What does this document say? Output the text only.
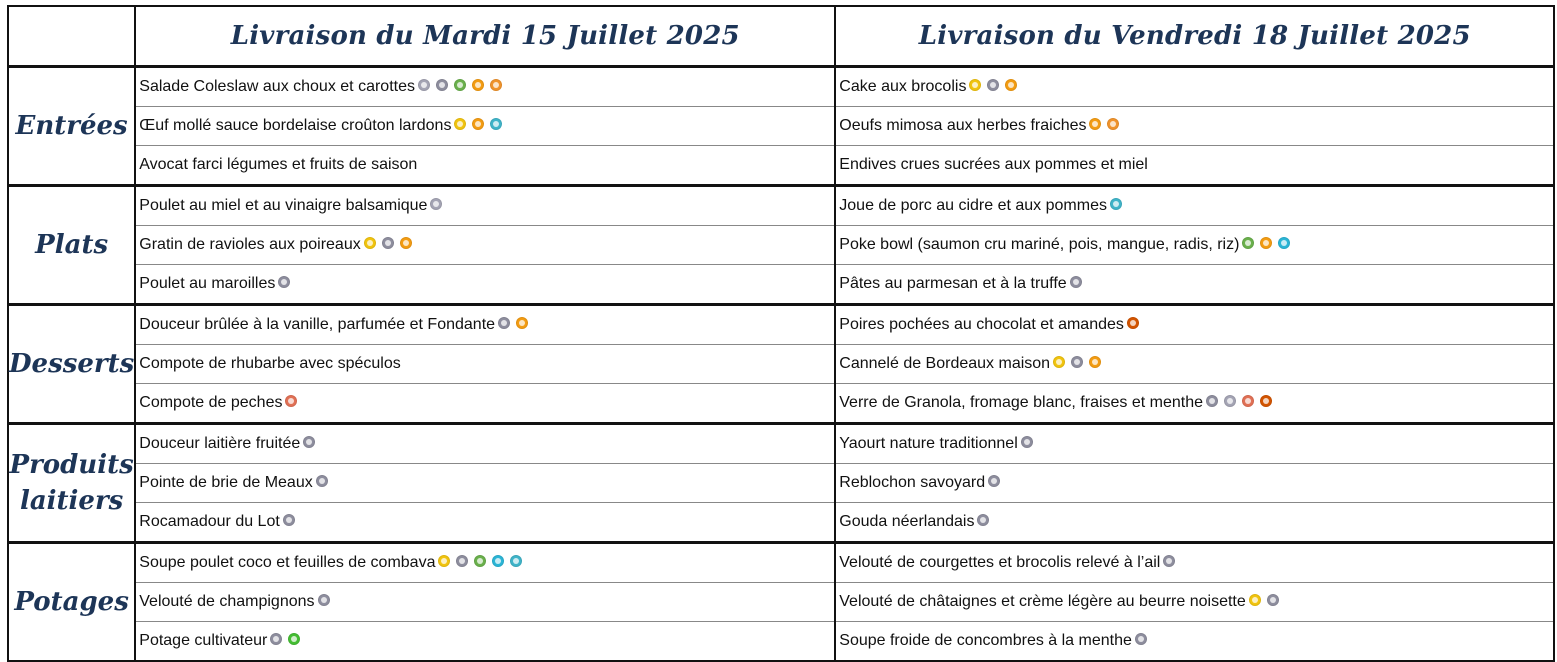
	Livraison du Mardi 15 Juillet 2025	Livraison du Vendredi 18 Juillet 2025
Entrées	Salade Coleslaw aux choux et carottes	Cake aux brocolis

	Œuf mollé sauce bordelaise croûton lardons	Oeufs mimosa aux herbes fraiches

	Avocat farci légumes et fruits de saison	Endives crues sucrées aux pommes et miel
Plats	Poulet au miel et au vinaigre balsamique	Joue de porc au cidre et aux pommes

	Gratin de ravioles aux poireaux	Poke bowl (saumon cru mariné, pois, mangue, radis, riz)

	Poulet au maroilles	Pâtes au parmesan et à la truffe

Desserts	Douceur brûlée à la vanille, parfumée et Fondante	Poires pochées au chocolat et amandes

	Compote de rhubarbe avec spéculos	Cannelé de Bordeaux maison

	Compote de peches	Verre de Granola, fromage blanc, fraises et menthe

Produits laitiers	Douceur laitière fruitée	Yaourt nature traditionnel

	Pointe de brie de Meaux	Reblochon savoyard

	Rocamadour du Lot	Gouda néerlandais

Potages	Soupe poulet coco et feuilles de combava	Velouté de courgettes et brocolis relevé à l’ail

	Velouté de champignons	Velouté de châtaignes et crème légère au beurre noisette

	Potage cultivateur	Soupe froide de concombres à la menthe
